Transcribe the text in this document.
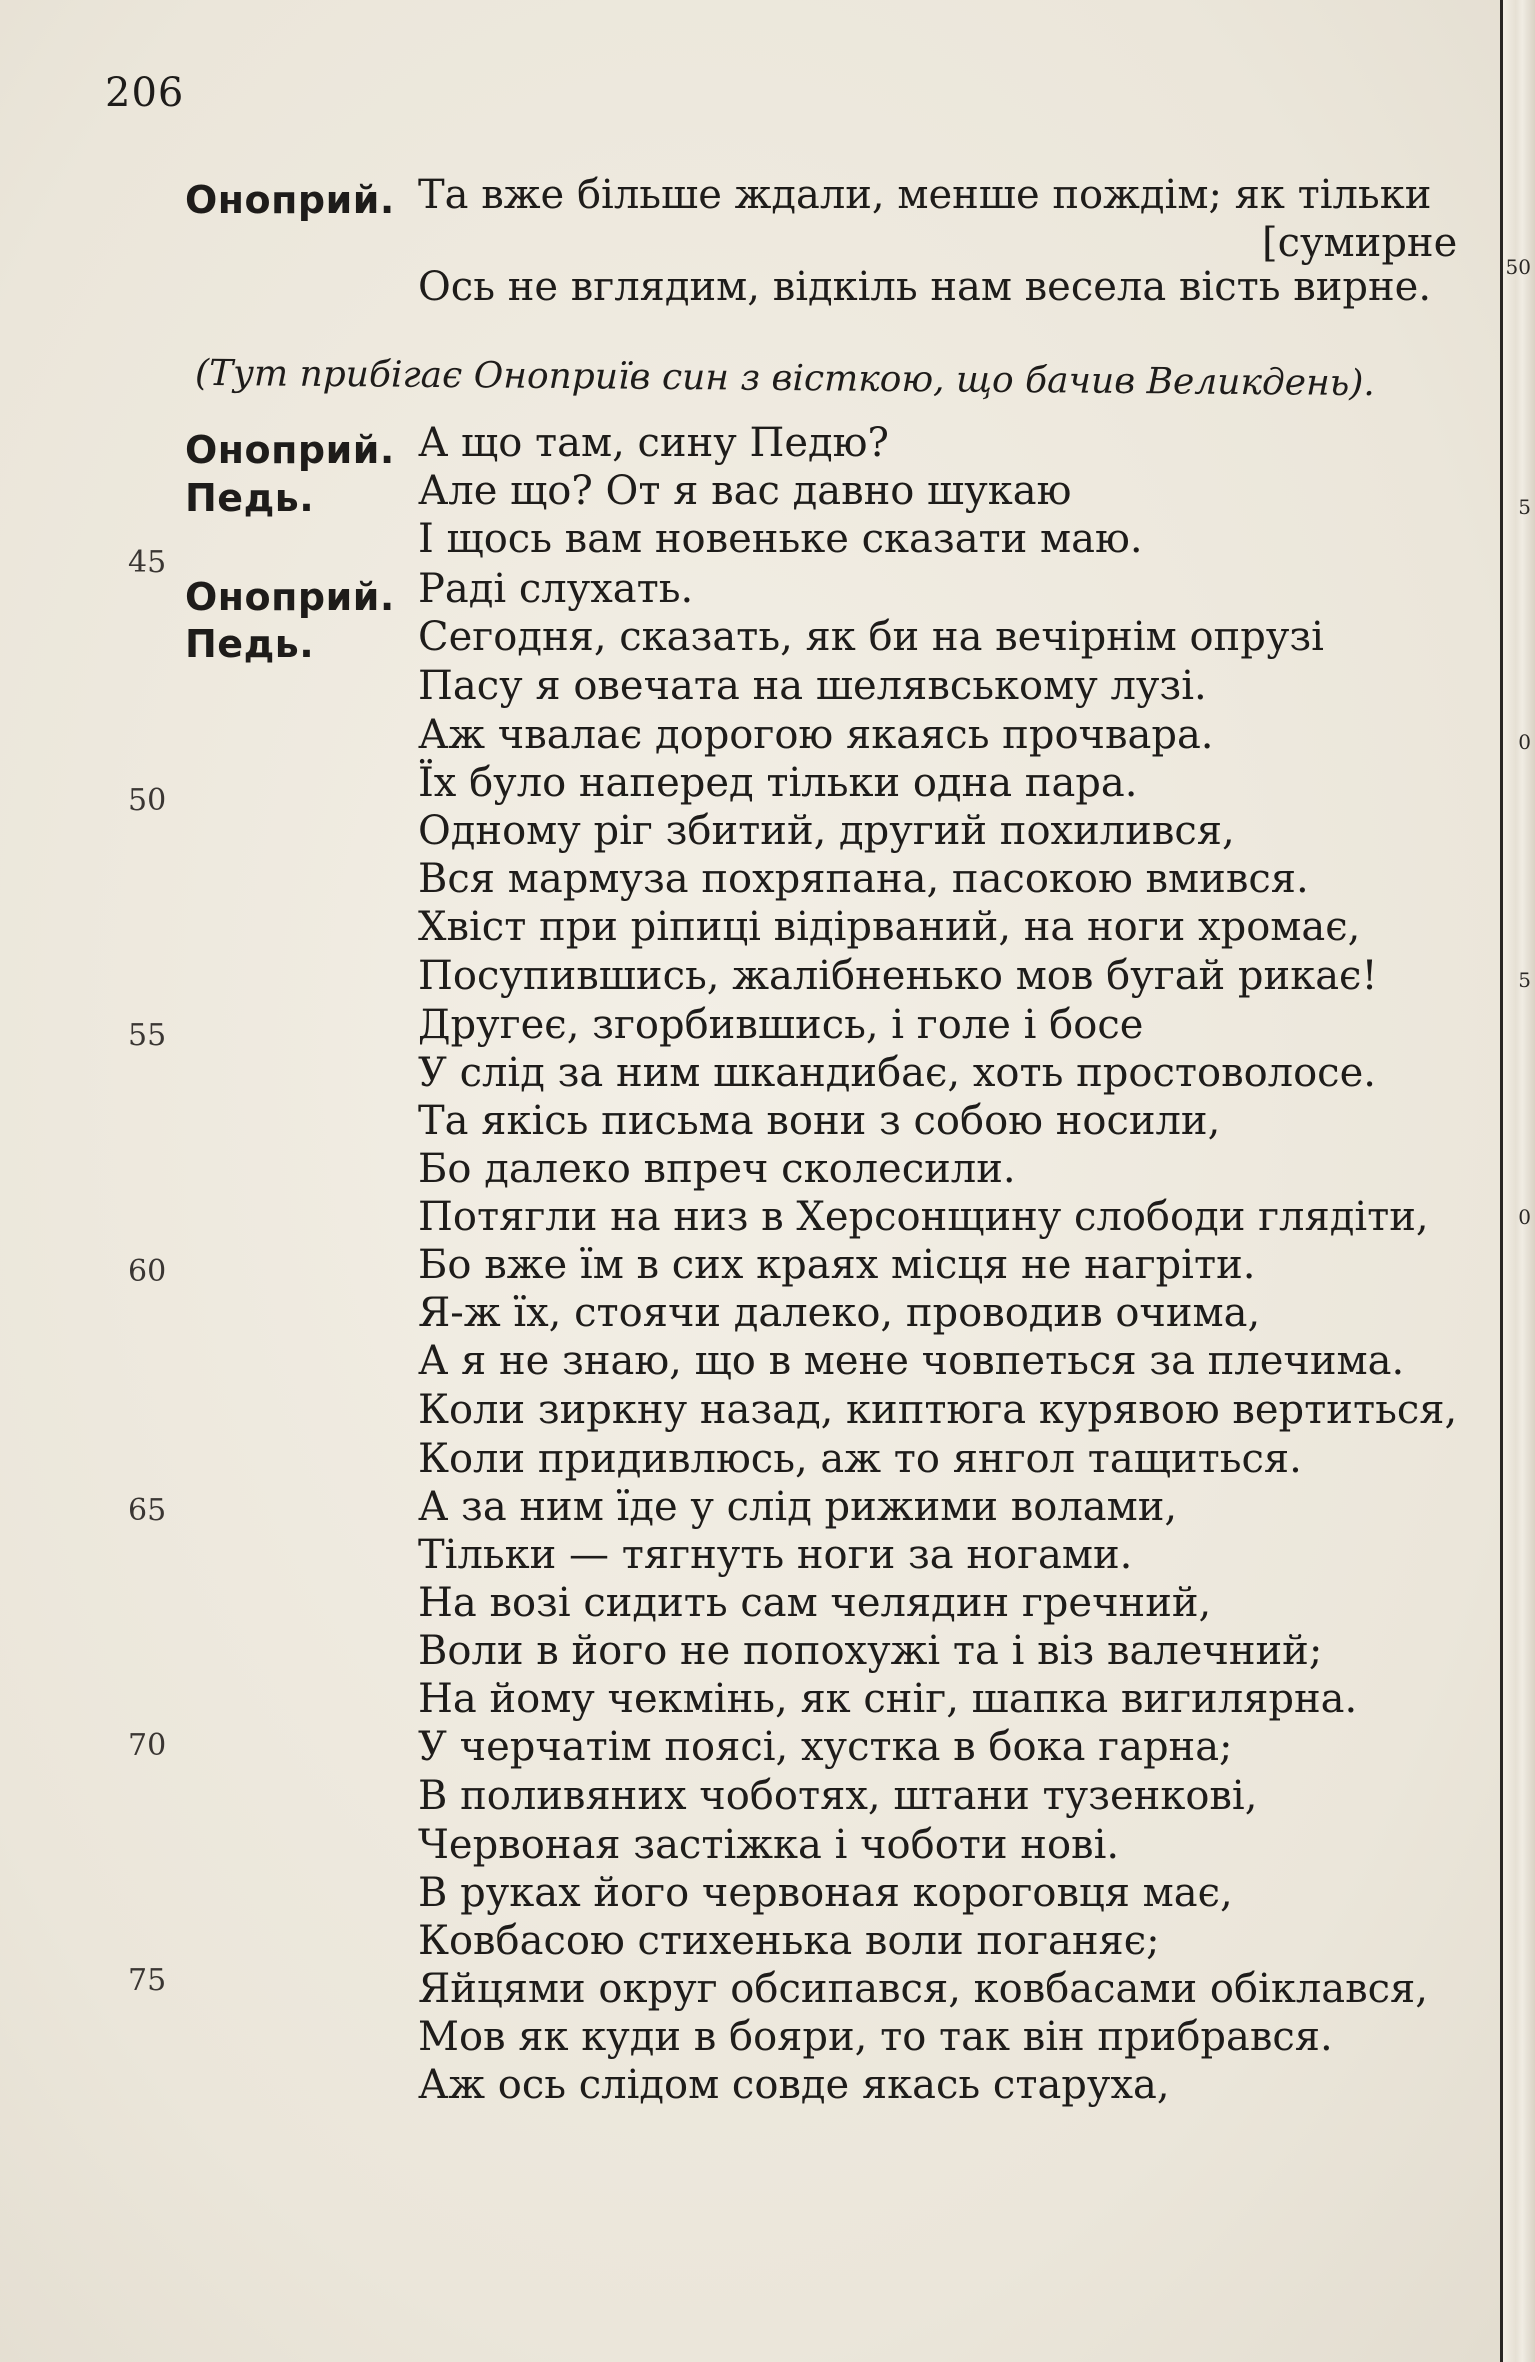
206
Оноприй. Та вже більше ждали, менше пождім; як тільки
[сумирне
Ось не вглядим, відкіль нам весела вість вирне.
(Тут прибігає Оноприїв син з вісткою, що бачив Великдень).
Оноприй.
Педь.
Оноприй.
Педь.
А що там, сину Педю?
Але що? От я вас давно шукаю
І щось вам новеньке сказати маю.
Раді слухать.
Сегодня, сказать, як би на вечірнім опрузі
Пасу я овечата на шелявському лузі.
Аж чвалає дорогою якаясь прочвара.
Їх було наперед тільки одна пара.
Одному ріг збитий, другий похилився,
Вся мармуза похряпана, пасокою вмився.
Хвіст при ріпиці відірваний, на ноги хромає,
Посупившись, жалібненько мов бугай рикає!
Другеє, згорбившись, і голе і босе
У слід за ним шкандибає, хоть простоволосе.
Та якісь письма вони з собою носили,
Бо далеко впреч сколесили.
Потягли на низ в Херсонщину слободи глядіти,
Бо вже їм в сих краях місця не нагріти.
Я-ж їх, стоячи далеко, проводив очима,
А я не знаю, що в мене човпеться за плечима.
Коли зиркну назад, киптюга курявою вертиться,
Коли придивлюсь, аж то янгол тащиться.
А за ним їде у слід рижими волами,
Тільки — тягнуть ноги за ногами.
На возі сидить сам челядин гречний,
Воли в його не попохужі та і віз валечний;
На йому чекмінь, як сніг, шапка вигилярна.
У черчатім поясі, хустка в бока гарна;
В поливяних чоботях, штани тузенкові,
Червоная застіжка і чоботи нові.
В руках його червоная короговця має,
Ковбасою стихенька воли поганяє;
Яйцями округ обсипався, ковбасами обіклався,
Мов як куди в бояри, то так він прибрався.
Аж ось слідом совде якась старуха,
45
50
55
60
65
70
75
50
5
0
5
0
